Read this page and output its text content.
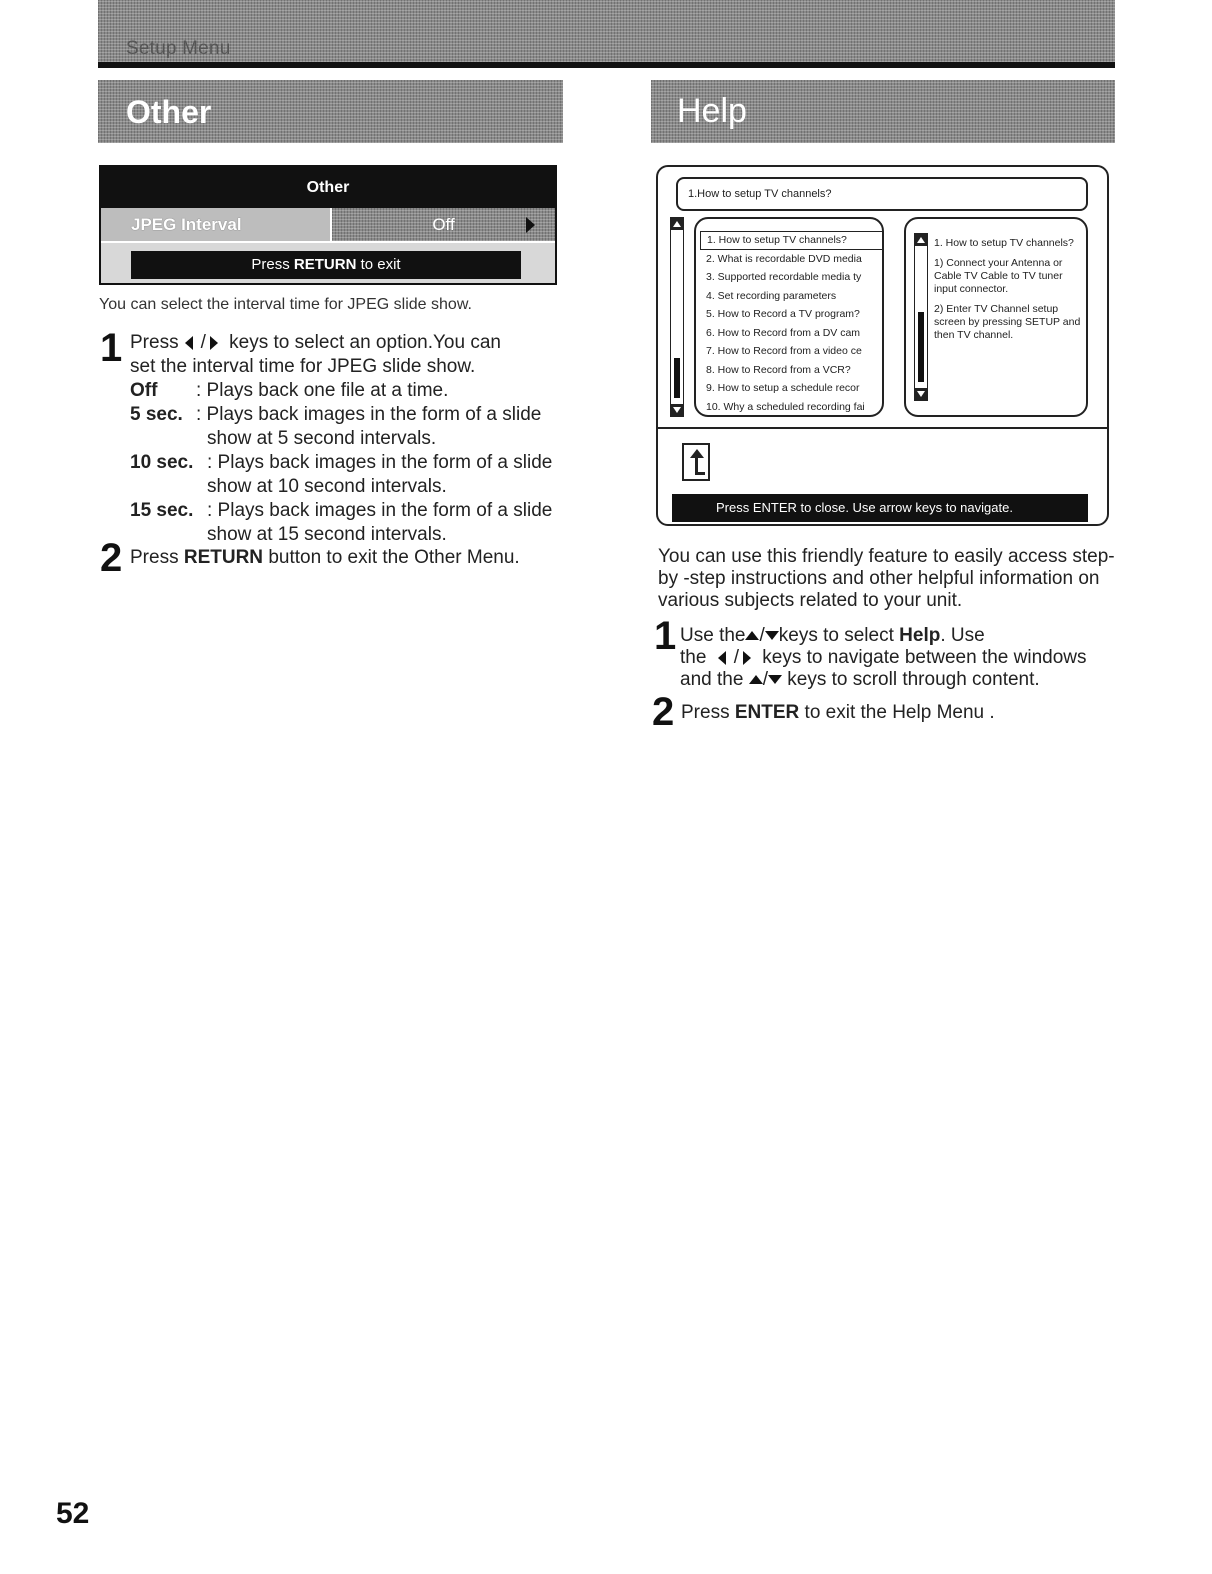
Setup Menu
Other	Help
Other
JPEG Interval	Off
Press RETURN to exit

You can select the interval time for JPEG slide show.

1 Press / keys to select an option.You can
set the interval time for JPEG slide show.
Off : Plays back one file at a time.
5 sec. : Plays back images in the form of a slide
show at 5 second intervals.
10 sec. : Plays back images in the form of a slide
show at 10 second intervals.
15 sec. : Plays back images in the form of a slide
show at 15 second intervals.
2 Press RETURN button to exit the Other Menu.
1.How to setup TV channels?
1. How to setup TV channels?
2. What is recordable DVD media
3. Supported recordable media ty
4. Set recording parameters
5. How to Record a TV program?
6. How to Record from a DV cam
7. How to Record from a video ce
8. How to Record from a VCR?
9. How to setup a schedule recor
10. Why a scheduled recording fai

1. How to setup TV channels?

1) Connect your Antenna or Cable TV Cable to TV tuner input connector.

2) Enter TV Channel setup screen by pressing SETUP and then TV channel.

Press ENTER to close. Use arrow keys to navigate.

You can use this friendly feature to easily access step-by -step instructions and other helpful information on various subjects related to your unit.

1 Use the / keys to select Help. Use
the / keys to navigate between the windows
and the / keys to scroll through content.
2 Press ENTER to exit the Help Menu .
52
